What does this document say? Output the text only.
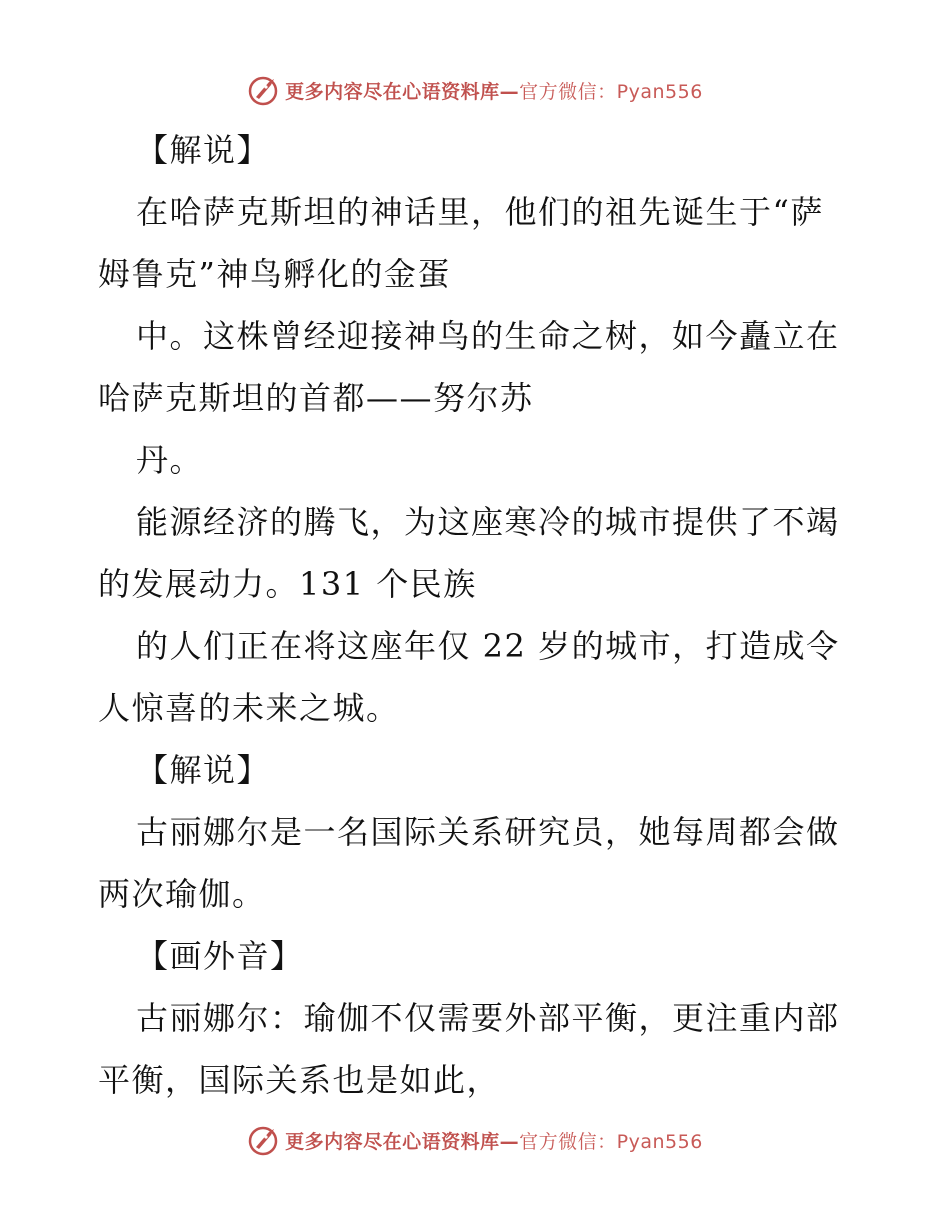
更多内容尽在心语资料库—官方微信：Pyan556
【解说】
在哈萨克斯坦的神话里，他们的祖先诞生于“萨
姆鲁克”神鸟孵化的金蛋
中。这株曾经迎接神鸟的生命之树，如今矗立在
哈萨克斯坦的首都——努尔苏
丹。
能源经济的腾飞，为这座寒冷的城市提供了不竭
的发展动力。131 个民族
的人们正在将这座年仅 22 岁的城市，打造成令
人惊喜的未来之城。
【解说】
古丽娜尔是一名国际关系研究员，她每周都会做
两次瑜伽。
【画外音】
古丽娜尔：瑜伽不仅需要外部平衡，更注重内部
平衡，国际关系也是如此，
更多内容尽在心语资料库—官方微信：Pyan556
